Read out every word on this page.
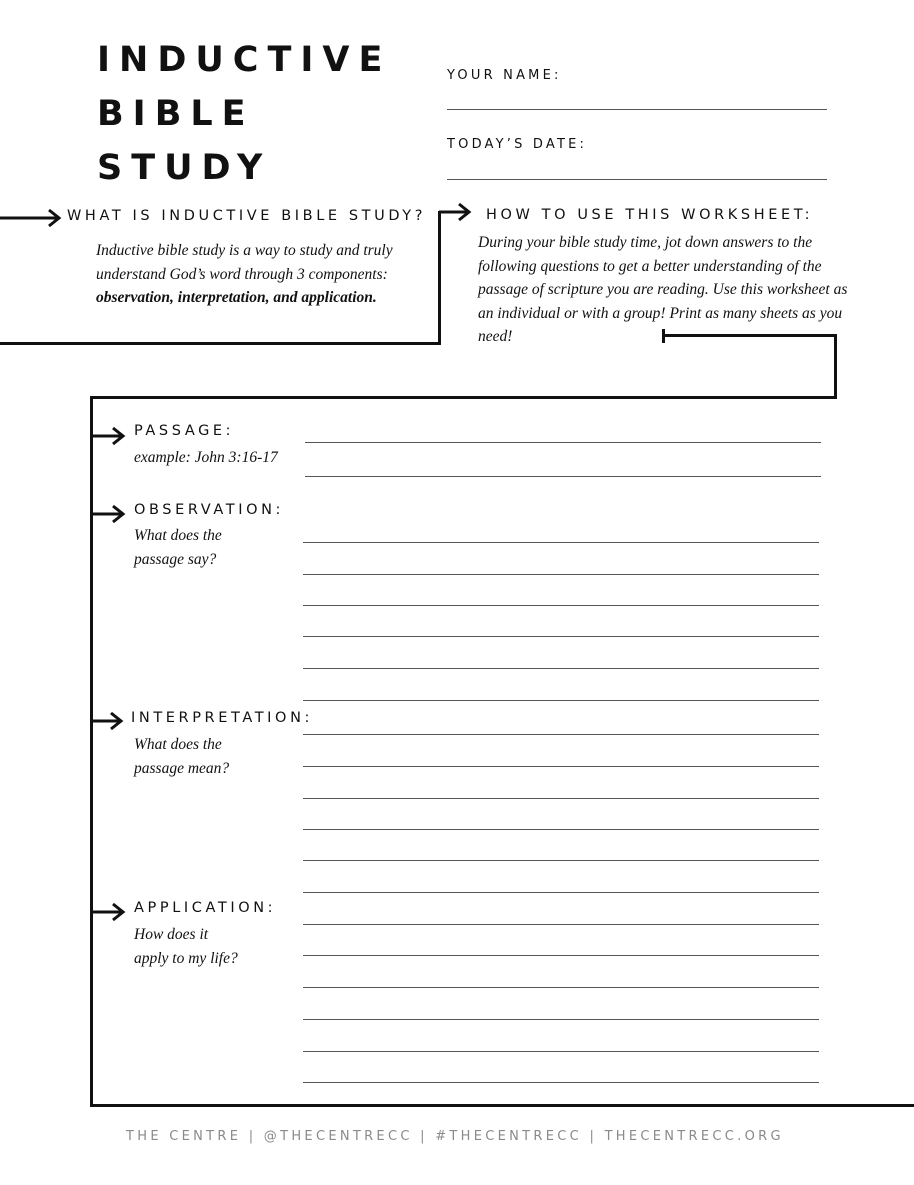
INDUCTIVE
BIBLE
STUDY
YOUR NAME:
TODAY’S DATE:
WHAT IS INDUCTIVE BIBLE STUDY?
Inductive bible study is a way to study and truly understand God’s word through 3 components: observation, interpretation, and application.
HOW TO USE THIS WORKSHEET:
During your bible study time, jot down answers to the following questions to get a better understanding of the passage of scripture you are reading. Use this worksheet as an individual or with a group! Print as many sheets as you need!
PASSAGE:
example: John 3:16-17
OBSERVATION:
What does the
passage say?
INTERPRETATION:
What does the
passage mean?
APPLICATION:
How does it
apply to my life?
THE CENTRE | @THECENTRECC | #THECENTRECC | THECENTRECC.ORG
